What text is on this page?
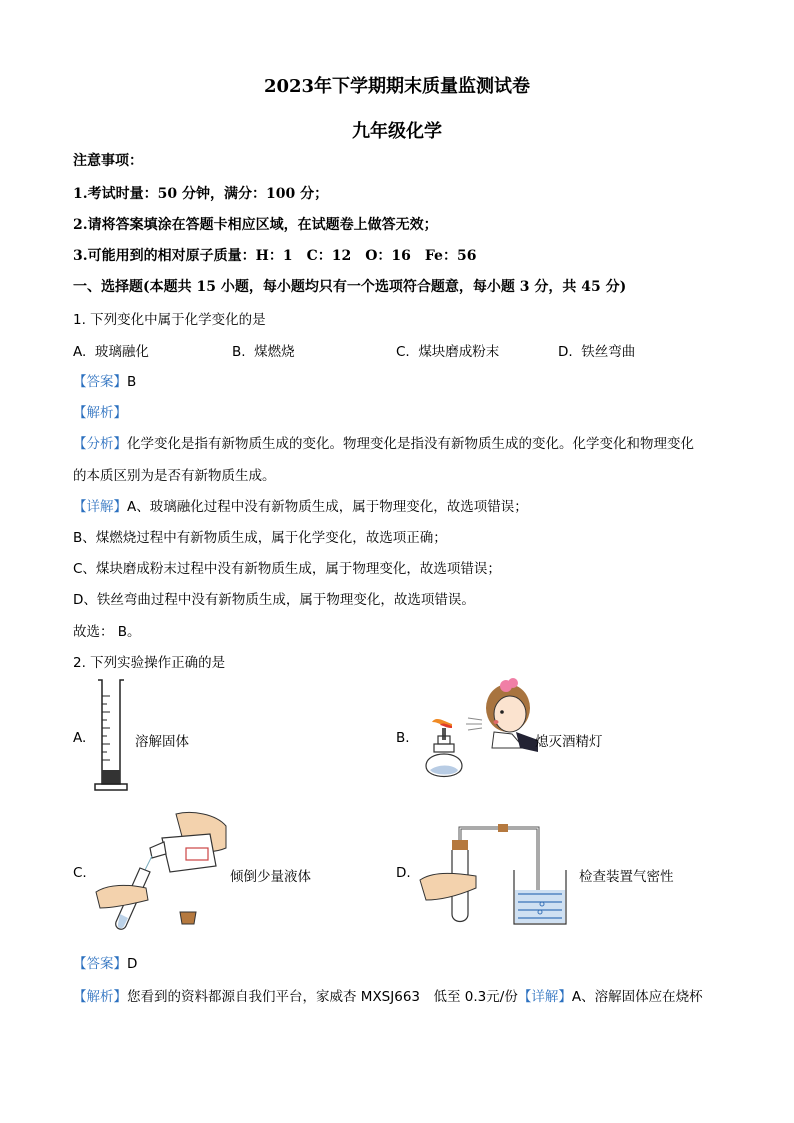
2023年下学期期末质量监测试卷
九年级化学
注意事项：
1.考试时量：50 分钟，满分：100 分；
2.请将答案填涂在答题卡相应区域，在试题卷上做答无效；
3.可能用到的相对原子质量：H：1　C：12　O：16　Fe：56
一、选择题(本题共 15 小题，每小题均只有一个选项符合题意，每小题 3 分，共 45 分)
1. 下列变化中属于化学变化的是
A. 玻璃融化	B. 煤燃烧	C. 煤块磨成粉末	D. 铁丝弯曲
【答案】B
【解析】
【分析】化学变化是指有新物质生成的变化。物理变化是指没有新物质生成的变化。化学变化和物理变化
的本质区别为是否有新物质生成。
【详解】A、玻璃融化过程中没有新物质生成，属于物理变化，故选项错误；
B、煤燃烧过程中有新物质生成，属于化学变化，故选项正确；
C、煤块磨成粉末过程中没有新物质生成，属于物理变化，故选项错误；
D、铁丝弯曲过程中没有新物质生成，属于物理变化，故选项错误。
故选： B。
2. 下列实验操作正确的是
A.	溶解固体	B.	熄灭酒精灯
C.	倾倒少量液体	D.	检查装置气密性
【答案】D
【解析】您看到的资料都源自我们平台，家威杏 MXSJ663　低至 0.3元/份【详解】A、溶解固体应在烧杯
